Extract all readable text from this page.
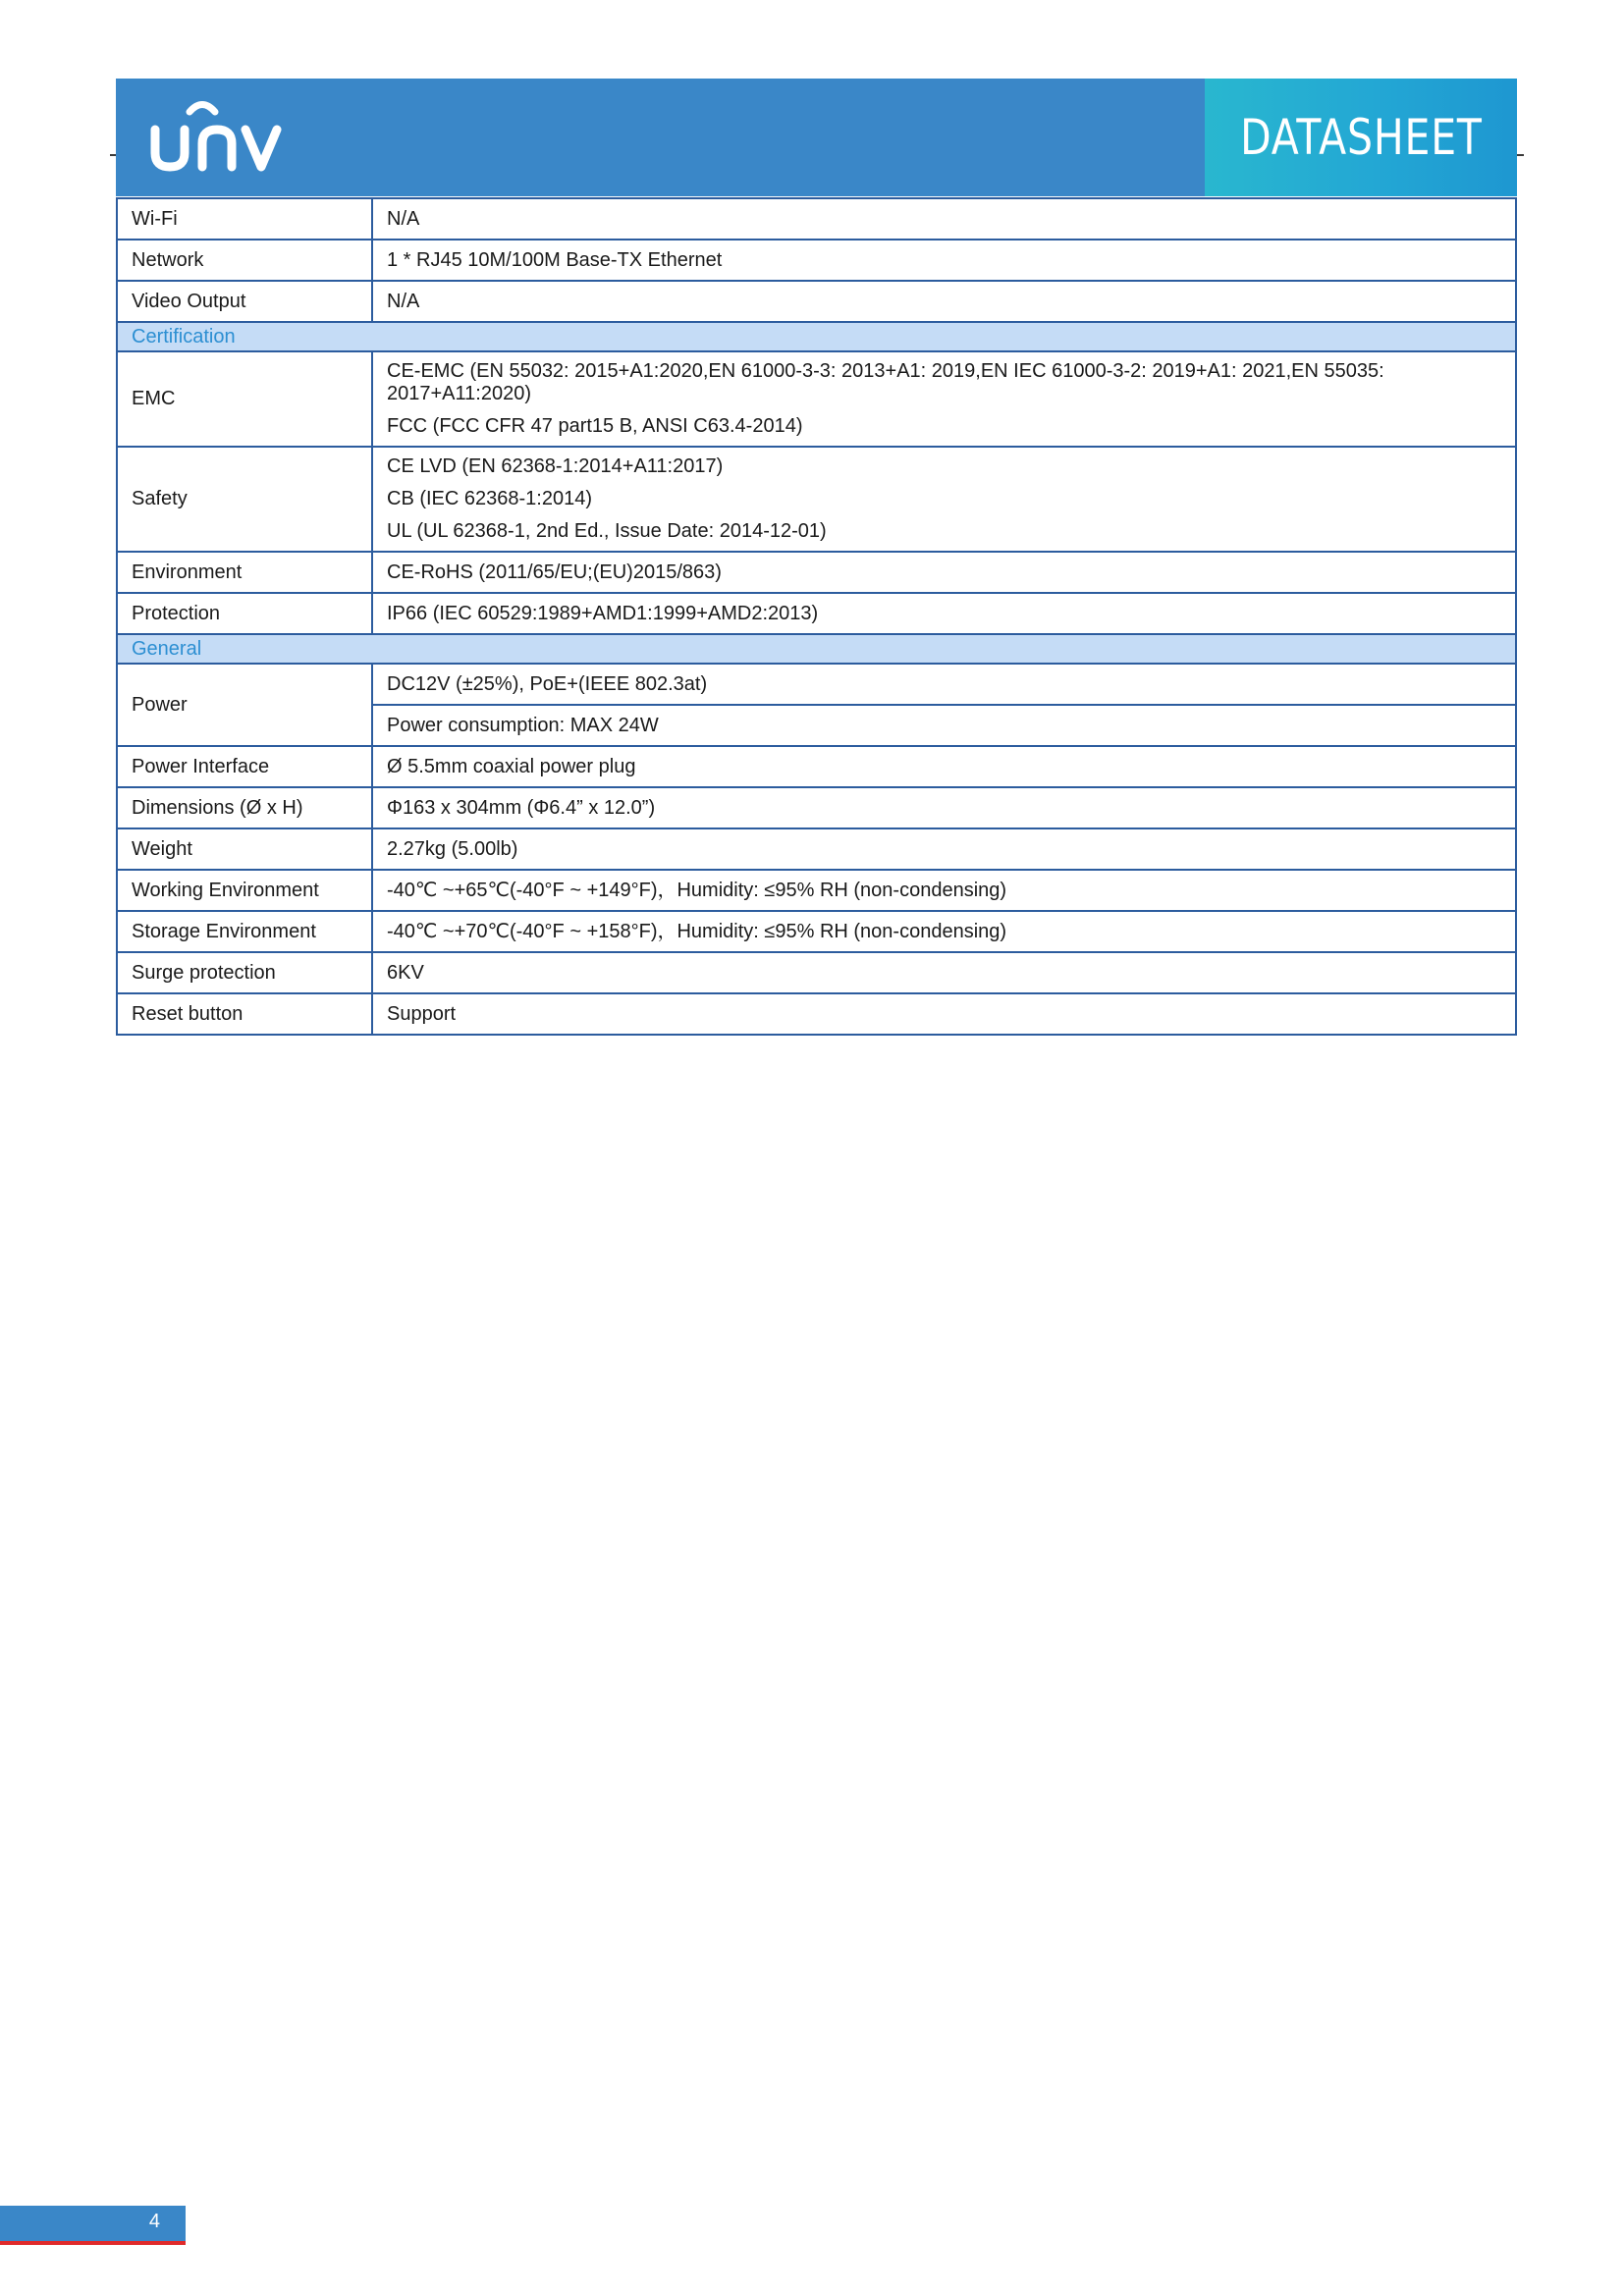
DATASHEET
Wi-Fi	N/A
Network	1 * RJ45 10M/100M Base-TX Ethernet
Video Output	N/A
Certification	
EMC	CE-EMC (EN 55032: 2015+A1:2020,EN 61000-3-3: 2013+A1: 2019,EN IEC 61000-3-2: 2019+A1: 2021,EN 55035: 2017+A11:2020)
FCC (FCC CFR 47 part15 B, ANSI C63.4-2014)

Safety	CE LVD (EN 62368-1:2014+A11:2017)
CB (IEC 62368-1:2014)
UL (UL 62368-1, 2nd Ed., Issue Date: 2014-12-01)

Environment	CE-RoHS (2011/65/EU;(EU)2015/863)
Protection	IP66 (IEC 60529:1989+AMD1:1999+AMD2:2013)
General	
Power	DC12V (±25%), PoE+(IEEE 802.3at)
	Power consumption: MAX 24W
Power Interface	Ø 5.5mm coaxial power plug
Dimensions (Ø x H)	Φ163 x 304mm (Φ6.4” x 12.0”)
Weight	2.27kg (5.00lb)
Working Environment	-40℃ ~+65℃(-40°F ~ +149°F)，Humidity: ≤95% RH (non-condensing)
Storage Environment	-40℃ ~+70℃(-40°F ~ +158°F)，Humidity: ≤95% RH (non-condensing)
Surge protection	6KV
Reset button	Support
4
